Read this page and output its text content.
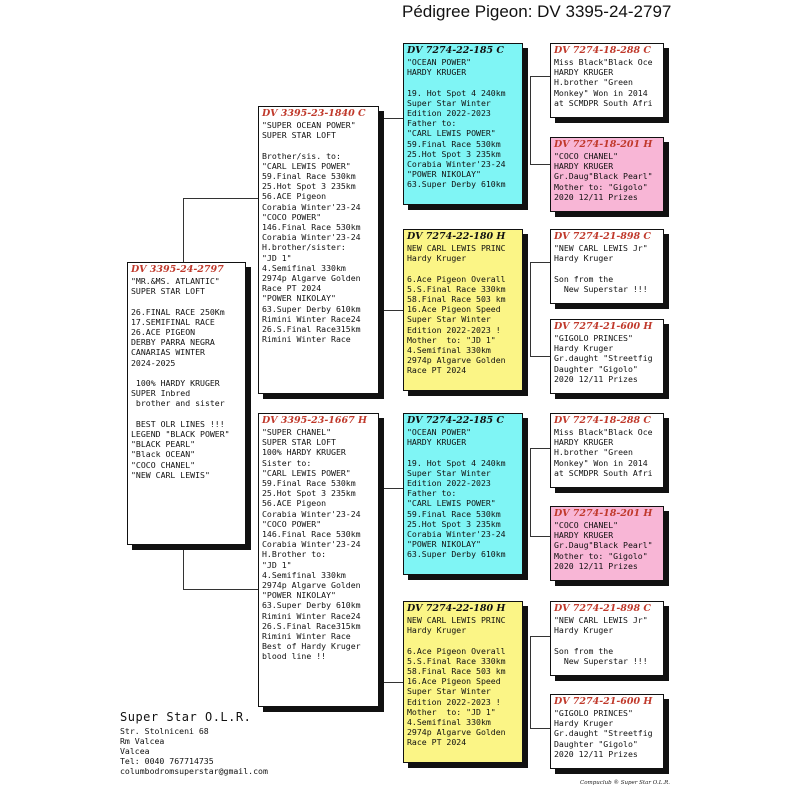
Pédigree Pigeon: DV 3395-24-2797
DV 3395-24-2797
"MR.&MS. ATLANTIC"
SUPER STAR LOFT

26.FINAL RACE 250Km
17.SEMIFINAL RACE
26.ACE PIGEON
DERBY PARRA NEGRA
CANARIAS WINTER
2024-2025

100% HARDY KRUGER
SUPER Inbred
brother and sister

BEST OLR LINES !!!
LEGEND "BLACK POWER"
"BLACK PEARL"
"Black OCEAN"
"COCO CHANEL"
"NEW CARL LEWIS"
DV 3395-23-1840 C
"SUPER OCEAN POWER"
SUPER STAR LOFT

Brother/sis. to:
"CARL LEWIS POWER"
59.Final Race 530km
25.Hot Spot 3 235km
56.ACE Pigeon
Corabia Winter'23-24
"COCO POWER"
146.Final Race 530km
Corabia Winter'23-24
H.brother/sister:
"JD 1"
4.Semifinal 330km
2974p Algarve Golden
Race PT 2024
"POWER NIKOLAY"
63.Super Derby 610km
Rimini Winter Race24
26.S.Final Race315km
Rimini Winter Race
DV 3395-23-1667 H
"SUPER CHANEL"
SUPER STAR LOFT
100% HARDY KRUGER
Sister to:
"CARL LEWIS POWER"
59.Final Race 530km
25.Hot Spot 3 235km
56.ACE Pigeon
Corabia Winter'23-24
"COCO POWER"
146.Final Race 530km
Corabia Winter'23-24
H.Brother to:
"JD 1"
4.Semifinal 330km
2974p Algarve Golden
"POWER NIKOLAY"
63.Super Derby 610km
Rimini Winter Race24
26.S.Final Race315km
Rimini Winter Race
Best of Hardy Kruger
blood line !!
DV 7274-22-185 C
"OCEAN POWER"
HARDY KRUGER

19. Hot Spot 4 240km
Super Star Winter
Edition 2022-2023
Father to:
"CARL LEWIS POWER"
59.Final Race 530km
25.Hot Spot 3 235km
Corabia Winter'23-24
"POWER NIKOLAY"
63.Super Derby 610km
DV 7274-22-180 H
NEW CARL LEWIS PRINC
Hardy Kruger

6.Ace Pigeon Overall
5.S.Final Race 330km
58.Final Race 503 km
16.Ace Pigeon Speed
Super Star Winter
Edition 2022-2023 !
Mother  to: "JD 1"
4.Semifinal 330km
2974p Algarve Golden
Race PT 2024
DV 7274-22-185 C
"OCEAN POWER"
HARDY KRUGER

19. Hot Spot 4 240km
Super Star Winter
Edition 2022-2023
Father to:
"CARL LEWIS POWER"
59.Final Race 530km
25.Hot Spot 3 235km
Corabia Winter'23-24
"POWER NIKOLAY"
63.Super Derby 610km
DV 7274-22-180 H
NEW CARL LEWIS PRINC
Hardy Kruger

6.Ace Pigeon Overall
5.S.Final Race 330km
58.Final Race 503 km
16.Ace Pigeon Speed
Super Star Winter
Edition 2022-2023 !
Mother  to: "JD 1"
4.Semifinal 330km
2974p Algarve Golden
Race PT 2024
DV 7274-18-288 C
Miss Black"Black Oce
HARDY KRUGER
H.brother "Green
Monkey" Won in 2014
at SCMDPR South Afri
DV 7274-18-201 H
"COCO CHANEL"
HARDY KRUGER
Gr.Daug"Black Pearl"
Mother to: "Gigolo"
2020 12/11 Prizes
DV 7274-21-898 C
"NEW CARL LEWIS Jr"
Hardy Kruger

Son from the
New Superstar !!!
DV 7274-21-600 H
"GIGOLO PRINCES"
Hardy Kruger
Gr.daught "Streetfig
Daughter "Gigolo"
2020 12/11 Prizes
DV 7274-18-288 C
Miss Black"Black Oce
HARDY KRUGER
H.brother "Green
Monkey" Won in 2014
at SCMDPR South Afri
DV 7274-18-201 H
"COCO CHANEL"
HARDY KRUGER
Gr.Daug"Black Pearl"
Mother to: "Gigolo"
2020 12/11 Prizes
DV 7274-21-898 C
"NEW CARL LEWIS Jr"
Hardy Kruger

Son from the
New Superstar !!!
DV 7274-21-600 H
"GIGOLO PRINCES"
Hardy Kruger
Gr.daught "Streetfig
Daughter "Gigolo"
2020 12/11 Prizes
Super Star O.L.R.
Str. Stolniceni 68
Rm Valcea
Valcea
Tel: 0040 767714735
columbodromsuperstar@gmail.com
Compuclub ® Super Star O.L.R.
